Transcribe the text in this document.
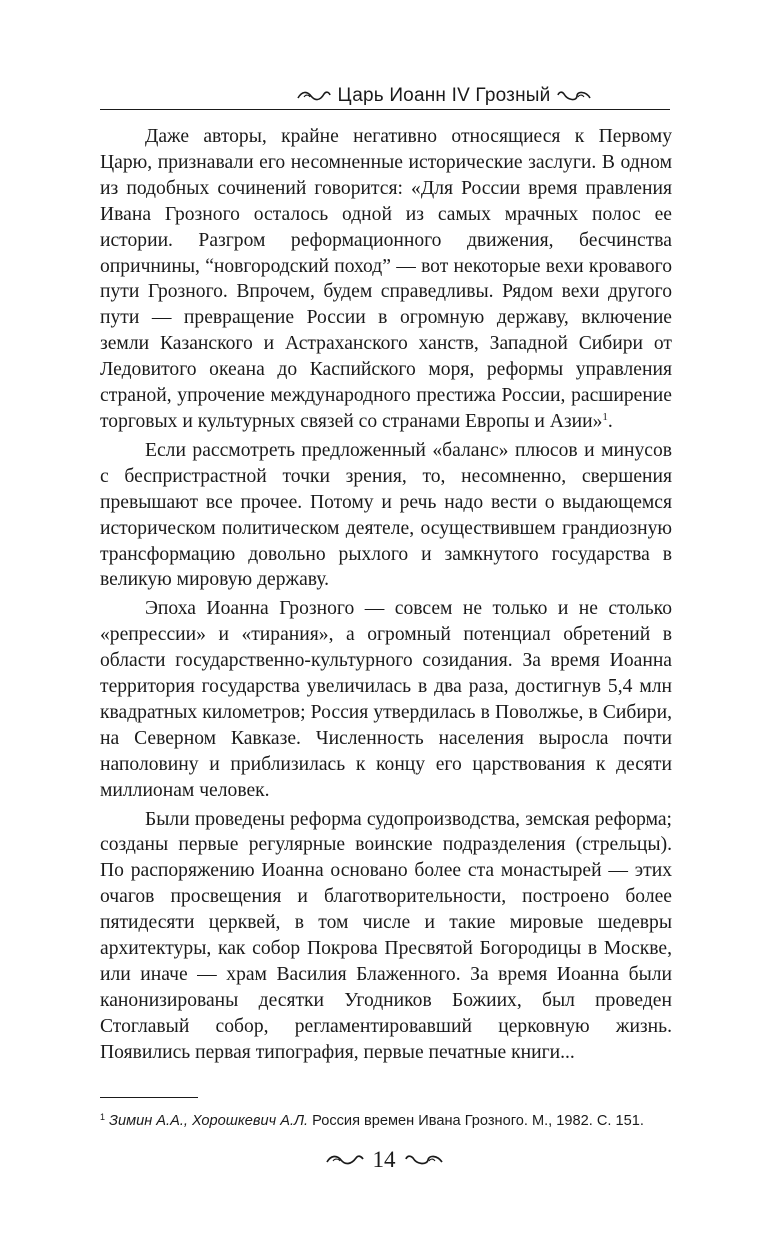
Царь Иоанн IV Грозный

Даже авторы, крайне негативно относящиеся к Первому Царю, признавали его несомненные исторические заслуги. В одном из подобных сочинений говорится: «Для России время правления Ивана Грозного осталось одной из самых мрачных полос ее истории. Разгром реформационного движения, бесчинства опричнины, “новгородский поход” — вот некоторые вехи кровавого пути Грозного. Впрочем, будем справедливы. Рядом вехи другого пути — превращение России в огромную державу, включение земли Казанского и Астраханского ханств, Западной Сибири от Ледовитого океана до Каспийского моря, реформы управления страной, упрочение международного престижа России, расширение торговых и культурных связей со странами Европы и Азии»$^1$.

Если рассмотреть предложенный «баланс» плюсов и минусов с беспристрастной точки зрения, то, несомненно, свершения превышают все прочее. Потому и речь надо вести о выдающемся историческом политическом деятеле, осуществившем грандиозную трансформацию довольно рыхлого и замкнутого государства в великую мировую державу.

Эпоха Иоанна Грозного — совсем не только и не столько «репрессии» и «тирания», а огромный потенциал обретений в области государственно-культурного созидания. За время Иоанна территория государства увеличилась в два раза, достигнув 5,4 млн квадратных километров; Россия утвердилась в Поволжье, в Сибири, на Северном Кавказе. Численность населения выросла почти наполовину и приблизилась к концу его царствования к десяти миллионам человек.

Были проведены реформа судопроизводства, земская реформа; созданы первые регулярные воинские подразделения (стрельцы). По распоряжению Иоанна основано более ста монастырей — этих очагов просвещения и благотворительности, построено более пятидесяти церквей, в том числе и такие мировые шедевры архитектуры, как собор Покрова Пресвятой Богородицы в Москве, или иначе — храм Василия Блаженного. За время Иоанна были канонизированы десятки Угодников Божиих, был проведен Стоглавый собор, регламентировавший церковную жизнь. Появились первая типография, первые печатные книги...

$^1$ Зимин А.А., Хорошкевич А.Л. Россия времен Ивана Грозного. М., 1982. С. 151.
14
